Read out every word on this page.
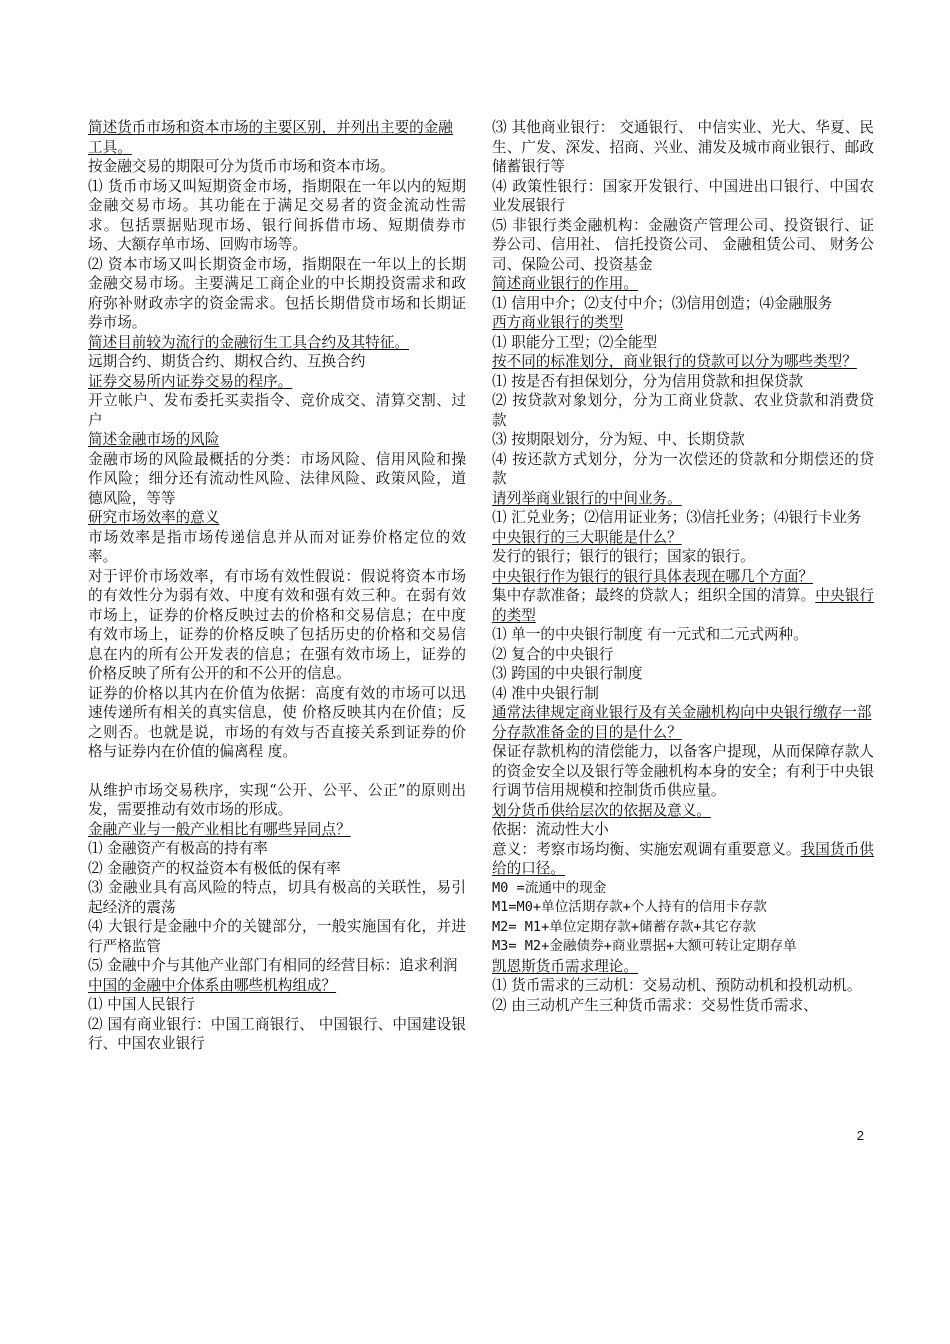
简述货币市场和资本市场的主要区别，并列出主要的金融工具。

按金融交易的期限可分为货币市场和资本市场。

⑴ 货币市场又叫短期资金市场，指期限在一年以内的短期金融交易市场。其功能在于满足交易者的资金流动性需求。包括票据贴现市场、银行间拆借市场、短期债券市场、大额存单市场、回购市场等。

⑵ 资本市场又叫长期资金市场，指期限在一年以上的长期金融交易市场。主要满足工商企业的中长期投资需求和政府弥补财政赤字的资金需求。包括长期借贷市场和长期证券市场。

简述目前较为流行的金融衍生工具合约及其特征。

远期合约、期货合约、期权合约、互换合约

证券交易所内证券交易的程序。

开立帐户、发布委托买卖指令、竞价成交、清算交割、过户

简述金融市场的风险

金融市场的风险最概括的分类：市场风险、信用风险和操作风险；细分还有流动性风险、法律风险、政策风险，道德风险，等等

研究市场效率的意义

市场效率是指市场传递信息并从而对证券价格定位的效率。

对于评价市场效率，有市场有效性假说：假说将资本市场的有效性分为弱有效、中度有效和强有效三种。在弱有效市场上，证券的价格反映过去的价格和交易信息；在中度有效市场上，证券的价格反映了包括历史的价格和交易信息在内的所有公开发表的信息；在强有效市场上，证券的价格反映了所有公开的和不公开的信息。

证券的价格以其内在价值为依据：高度有效的市场可以迅速传递所有相关的真实信息，使 价格反映其内在价值；反之则否。也就是说，市场的有效与否直接关系到证券的价格与证券内在价值的偏离程 度。

从维护市场交易秩序，实现“公开、公平、公正”的原则出发，需要推动有效市场的形成。

金融产业与一般产业相比有哪些异同点？

⑴ 金融资产有极高的持有率

⑵ 金融资产的权益资本有极低的保有率

⑶ 金融业具有高风险的特点，切具有极高的关联性，易引起经济的震荡

⑷ 大银行是金融中介的关键部分，一般实施国有化，并进行严格监管

⑸ 金融中介与其他产业部门有相同的经营目标：追求利润

中国的金融中介体系由哪些机构组成？

⑴ 中国人民银行

⑵ 国有商业银行：中国工商银行、 中国银行、中国建设银行、中国农业银行

⑶ 其他商业银行： 交通银行、 中信实业、光大、华夏、民生、广发、深发、招商、兴业、浦发及城市商业银行、邮政储蓄银行等

⑷ 政策性银行：国家开发银行、中国进出口银行、中国农业发展银行

⑸ 非银行类金融机构：金融资产管理公司、投资银行、证券公司、信用社、 信托投资公司、 金融租赁公司、 财务公司、保险公司、投资基金

简述商业银行的作用。

⑴ 信用中介；⑵支付中介；⑶信用创造；⑷金融服务

西方商业银行的类型

⑴ 职能分工型；⑵全能型

按不同的标准划分，商业银行的贷款可以分为哪些类型？

⑴ 按是否有担保划分，分为信用贷款和担保贷款

⑵ 按贷款对象划分，分为工商业贷款、农业贷款和消费贷款

⑶ 按期限划分，分为短、中、长期贷款

⑷ 按还款方式划分，分为一次偿还的贷款和分期偿还的贷款

请列举商业银行的中间业务。

⑴ 汇兑业务；⑵信用证业务；⑶信托业务；⑷银行卡业务

中央银行的三大职能是什么？

发行的银行；银行的银行；国家的银行。

中央银行作为银行的银行具体表现在哪几个方面？

集中存款准备；最终的贷款人；组织全国的清算。中央银行的类型

⑴ 单一的中央银行制度 有一元式和二元式两种。

⑵ 复合的中央银行

⑶ 跨国的中央银行制度

⑷ 准中央银行制

通常法律规定商业银行及有关金融机构向中央银行缴存一部分存款准备金的目的是什么？

保证存款机构的清偿能力，以备客户提现，从而保障存款人的资金安全以及银行等金融机构本身的安全；有利于中央银行调节信用规模和控制货币供应量。

划分货币供给层次的依据及意义。

依据：流动性大小

意义：考察市场均衡、实施宏观调有重要意义。我国货币供给的口径。

M0 =流通中的现金

M1=M0+单位活期存款+个人持有的信用卡存款

M2= M1+单位定期存款+储蓄存款+其它存款

M3= M2+金融债券+商业票据+大额可转让定期存单

凯恩斯货币需求理论。

⑴ 货币需求的三动机：交易动机、预防动机和投机动机。

⑵ 由三动机产生三种货币需求：交易性货币需求、

2
